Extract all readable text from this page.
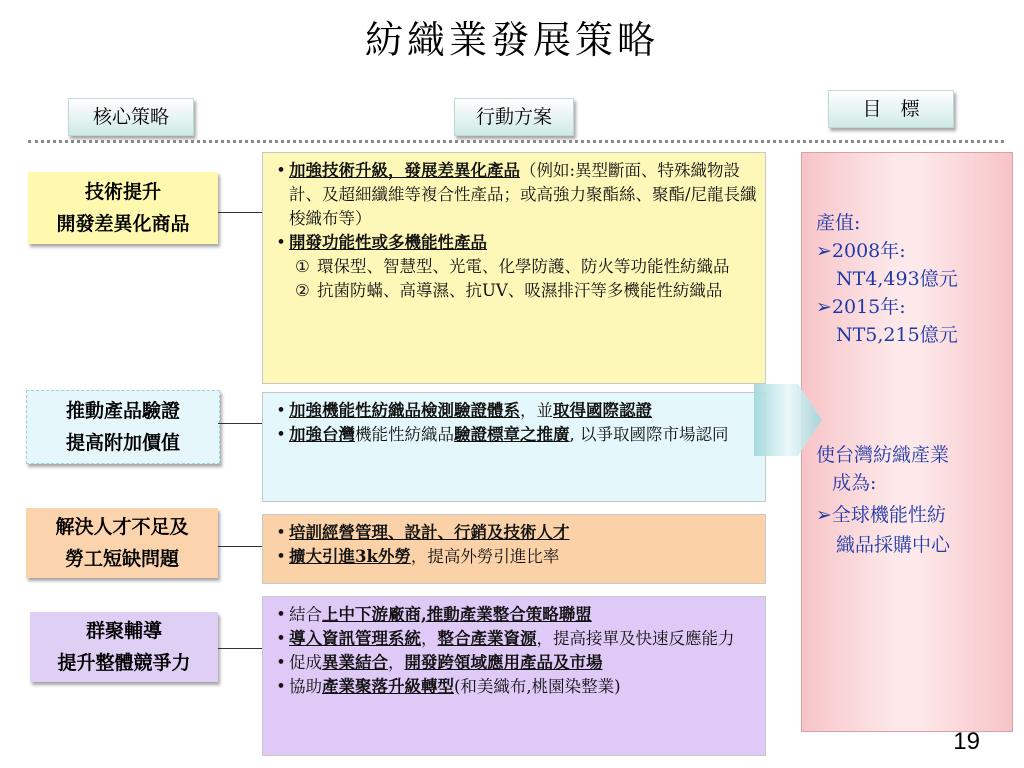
紡織業發展策略
核心策略	行動方案	目　標
技術提升
開發差異化商品
推動產品驗證
提高附加價值
解決人才不足及
勞工短缺問題
群聚輔導
提升整體競爭力
• 加強技術升級，發展差異化產品（例如:異型斷面、特殊織物設計、及超細纖維等複合性產品；或高強力聚酯絲、聚酯/尼龍長纖梭織布等）
• 開發功能性或多機能性產品
① 環保型、智慧型、光電、化學防護、防火等功能性紡織品
② 抗菌防蟎、高導濕、抗UV、吸濕排汗等多機能性紡織品
• 加強機能性紡織品檢測驗證體系，並取得國際認證
• 加強台灣機能性紡織品驗證標章之推廣, 以爭取國際市場認同
• 培訓經營管理、設計、行銷及技術人才
• 擴大引進3k外勞，提高外勞引進比率
• 結合上中下游廠商,推動產業整合策略聯盟
• 導入資訊管理系統，整合產業資源，提高接單及快速反應能力
• 促成異業結合，開發跨領域應用產品及市場
• 協助產業聚落升級轉型(和美織布,桃園染整業)
產值:
➢2008年:
NT4,493億元
➢2015年:
NT5,215億元
使台灣紡織產業
成為:
➢全球機能性紡
織品採購中心
19
